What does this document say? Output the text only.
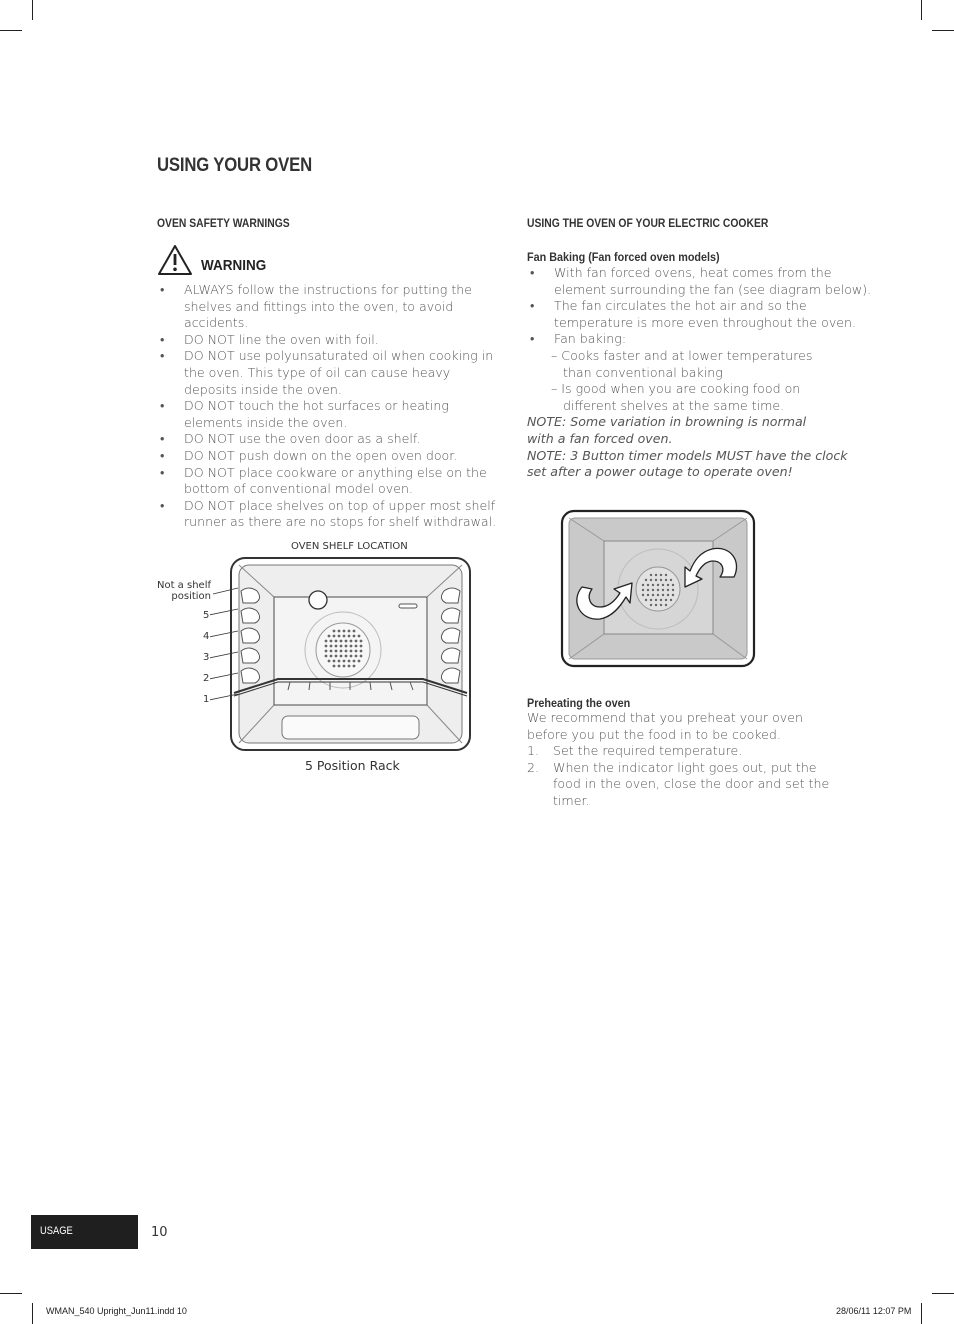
USING YOUR OVEN
OVEN SAFETY WARNINGS
WARNING
• ALWAYS follow the instructions for putting the shelves and fittings into the oven, to avoid accidents.
• DO NOT line the oven with foil.
• DO NOT use polyunsaturated oil when cooking in the oven. This type of oil can cause heavy deposits inside the oven.
• DO NOT touch the hot surfaces or heating elements inside the oven.
• DO NOT use the oven door as a shelf.
• DO NOT push down on the open oven door.
• DO NOT place cookware or anything else on the bottom of conventional model oven.
• DO NOT place shelves on top of upper most shelf runner as there are no stops for shelf withdrawal.
OVEN SHELF LOCATION
Not a shelf position
5
4
3
2
1
5 Position Rack
USING THE OVEN OF YOUR ELECTRIC COOKER
Fan Baking (Fan forced oven models)
• With fan forced ovens, heat comes from the element surrounding the fan (see diagram below).
• The fan circulates the hot air and so the temperature is more even throughout the oven.
• Fan baking:
– Cooks faster and at lower temperatures than conventional baking
– Is good when you are cooking food on different shelves at the same time.
NOTE: Some variation in browning is normal with a fan forced oven.
NOTE: 3 Button timer models MUST have the clock set after a power outage to operate oven!
Preheating the oven
We recommend that you preheat your oven before you put the food in to be cooked.
1. Set the required temperature.
2. When the indicator light goes out, put the food in the oven, close the door and set the timer.
USAGE	10
WMAN_540 Upright_Jun11.indd 10	28/06/11 12:07 PM
